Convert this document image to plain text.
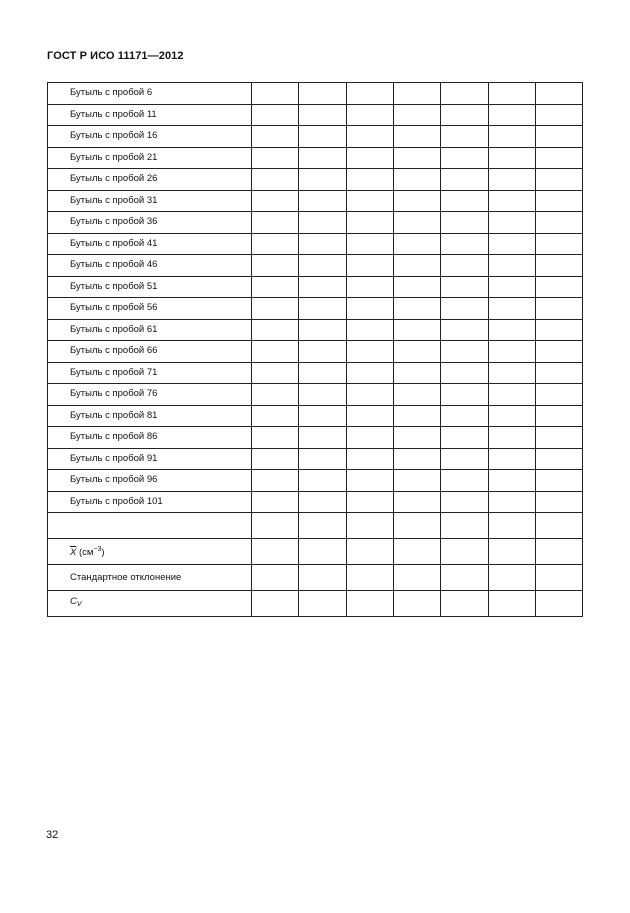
ГОСТ Р ИСО 11171—2012
Бутыль с пробой 6							
Бутыль с пробой 11							
Бутыль с пробой 16							
Бутыль с пробой 21							
Бутыль с пробой 26							
Бутыль с пробой 31							
Бутыль с пробой 36							
Бутыль с пробой 41							
Бутыль с пробой 46							
Бутыль с пробой 51							
Бутыль с пробой 56							
Бутыль с пробой 61							
Бутыль с пробой 66							
Бутыль с пробой 71							
Бутыль с пробой 76							
Бутыль с пробой 81							
Бутыль с пробой 86							
Бутыль с пробой 91							
Бутыль с пробой 96							
Бутыль с пробой 101							

$\overline{X}$ $(см^{-3})$							
Стандартное отклонение							
$C_V$							
32
